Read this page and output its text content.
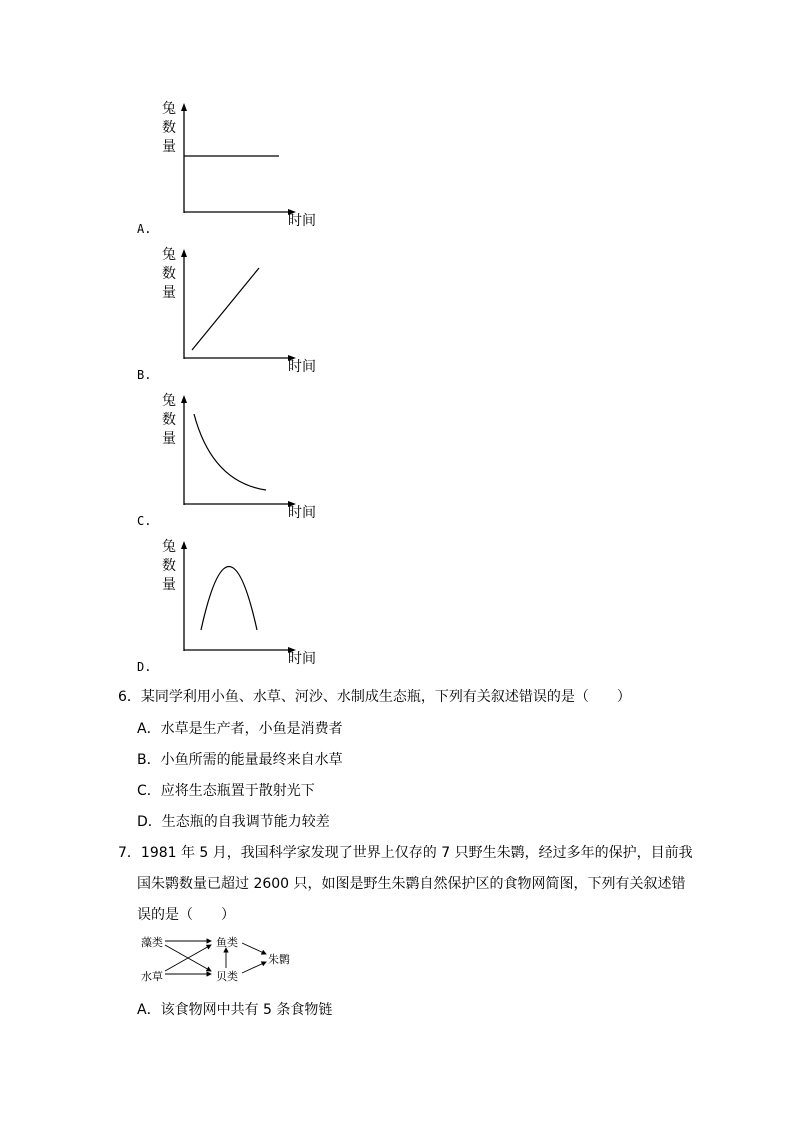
兔
数
量
时间
A.
兔
数
量
时间
B.
兔
数
量
时间
C.
兔
数
量
时间
D.
6．某同学利用小鱼、水草、河沙、水制成生态瓶，下列有关叙述错误的是（　　）
A．水草是生产者，小鱼是消费者
B．小鱼所需的能量最终来自水草
C．应将生态瓶置于散射光下
D．生态瓶的自我调节能力较差
7．1981 年 5 月，我国科学家发现了世界上仅存的 7 只野生朱鹮，经过多年的保护，目前我
国朱鹮数量已超过 2600 只，如图是野生朱鹮自然保护区的食物网简图，下列有关叙述错
误的是（　　）
藻类	鱼类
水草	贝类
朱鹮
A．该食物网中共有 5 条食物链
